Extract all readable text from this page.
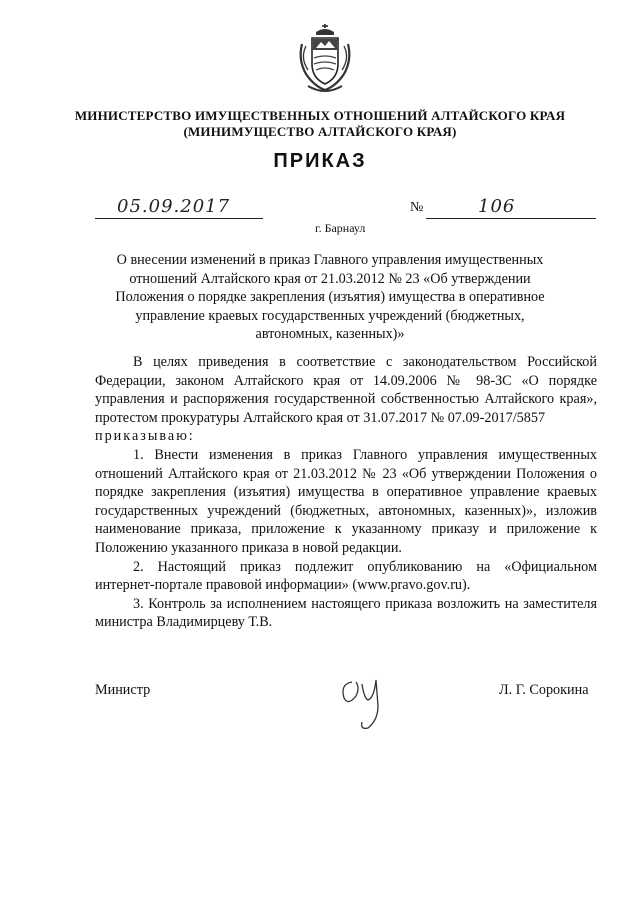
МИНИСТЕРСТВО ИМУЩЕСТВЕННЫХ ОТНОШЕНИЙ АЛТАЙСКОГО КРАЯ
(МИНИМУЩЕСТВО АЛТАЙСКОГО КРАЯ)
ПРИКАЗ
05.09.2017	№	106
г. Барнаул
О внесении изменений в приказ Главного управления имущественных отношений Алтайского края от 21.03.2012 № 23 «Об утверждении Положения о порядке закрепления (изъятия) имущества в оперативное управление краевых государственных учреждений (бюджетных, автономных, казенных)»

В целях приведения в соответствие с законодательством Российской Федерации, законом Алтайского края от 14.09.2006 № 98-ЗС «О порядке управления и распоряжения государственной собственностью Алтайского края», протестом прокуратуры Алтайского края от 31.07.2017 № 07.09-2017/5857

приказываю:

1. Внести изменения в приказ Главного управления имущественных отношений Алтайского края от 21.03.2012 № 23 «Об утверждении Положения о порядке закрепления (изъятия) имущества в оперативное управление краевых государственных учреждений (бюджетных, автономных, казенных)», изложив наименование приказа, приложение к указанному приказу и приложение к Положению указанного приказа в новой редакции.

2. Настоящий приказ подлежит опубликованию на «Официальном интернет-портале правовой информации» (www.pravo.gov.ru).

3. Контроль за исполнением настоящего приказа возложить на заместителя министра Владимирцеву Т.В.

Министр	Л. Г. Сорокина
